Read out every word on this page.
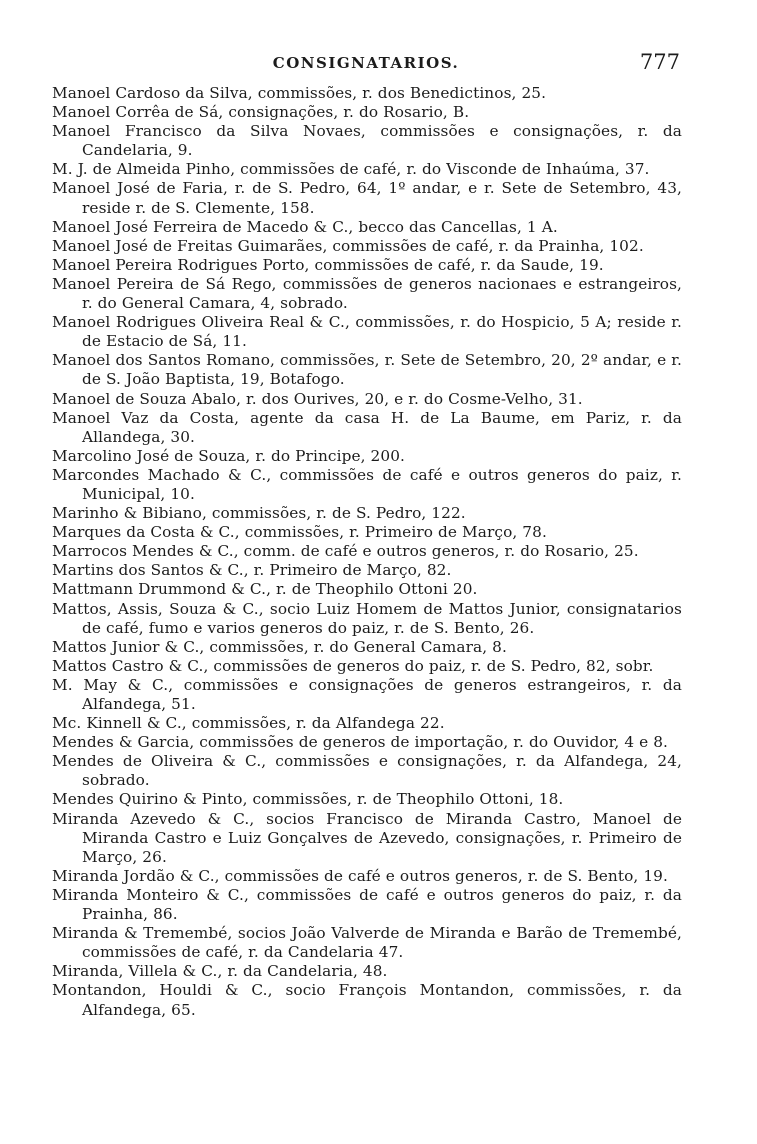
CONSIGNATARIOS.	777

Manoel Cardoso da Silva, commissões, r. dos Benedictinos, 25.

Manoel Corrêa de Sá, consignações, r. do Rosario, B.

Manoel Francisco da Silva Novaes, commissões e consignações, r. da Candelaria, 9.

M. J. de Almeida Pinho, commissões de café, r. do Visconde de Inhaúma, 37.

Manoel José de Faria, r. de S. Pedro, 64, 1º andar, e r. Sete de Setembro, 43, reside r. de S. Clemente, 158.

Manoel José Ferreira de Macedo & C., becco das Cancellas, 1 A.

Manoel José de Freitas Guimarães, commissões de café, r. da Prainha, 102.

Manoel Pereira Rodrigues Porto, commissões de café, r. da Saude, 19.

Manoel Pereira de Sá Rego, commissões de generos nacionaes e estrangeiros, r. do General Camara, 4, sobrado.

Manoel Rodrigues Oliveira Real & C., commissões, r. do Hospicio, 5 A; reside r. de Estacio de Sá, 11.

Manoel dos Santos Romano, commissões, r. Sete de Setembro, 20, 2º andar, e r. de S. João Baptista, 19, Botafogo.

Manoel de Souza Abalo, r. dos Ourives, 20, e r. do Cosme-Velho, 31.

Manoel Vaz da Costa, agente da casa H. de La Baume, em Pariz, r. da Allandega, 30.

Marcolino José de Souza, r. do Principe, 200.

Marcondes Machado & C., commissões de café e outros generos do paiz, r. Municipal, 10.

Marinho & Bibiano, commissões, r. de S. Pedro, 122.

Marques da Costa & C., commissões, r. Primeiro de Março, 78.

Marrocos Mendes & C., comm. de café e outros generos, r. do Rosario, 25.

Martins dos Santos & C., r. Primeiro de Março, 82.

Mattmann Drummond & C., r. de Theophilo Ottoni 20.

Mattos, Assis, Souza & C., socio Luiz Homem de Mattos Junior, consignatarios de café, fumo e varios generos do paiz, r. de S. Bento, 26.

Mattos Junior & C., commissões, r. do General Camara, 8.

Mattos Castro & C., commissões de generos do paiz, r. de S. Pedro, 82, sobr.

M. May & C., commissões e consignações de generos estrangeiros, r. da Alfandega, 51.

Mc. Kinnell & C., commissões, r. da Alfandega 22.

Mendes & Garcia, commissões de generos de importação, r. do Ouvidor, 4 e 8.

Mendes de Oliveira & C., commissões e consignações, r. da Alfandega, 24, sobrado.

Mendes Quirino & Pinto, commissões, r. de Theophilo Ottoni, 18.

Miranda Azevedo & C., socios Francisco de Miranda Castro, Manoel de Miranda Castro e Luiz Gonçalves de Azevedo, consignações, r. Primeiro de Março, 26.

Miranda Jordão & C., commissões de café e outros generos, r. de S. Bento, 19.

Miranda Monteiro & C., commissões de café e outros generos do paiz, r. da Prainha, 86.

Miranda & Tremembé, socios João Valverde de Miranda e Barão de Tremembé, commissões de café, r. da Candelaria 47.

Miranda, Villela & C., r. da Candelaria, 48.

Montandon, Houldi & C., socio François Montandon, commissões, r. da Alfandega, 65.
